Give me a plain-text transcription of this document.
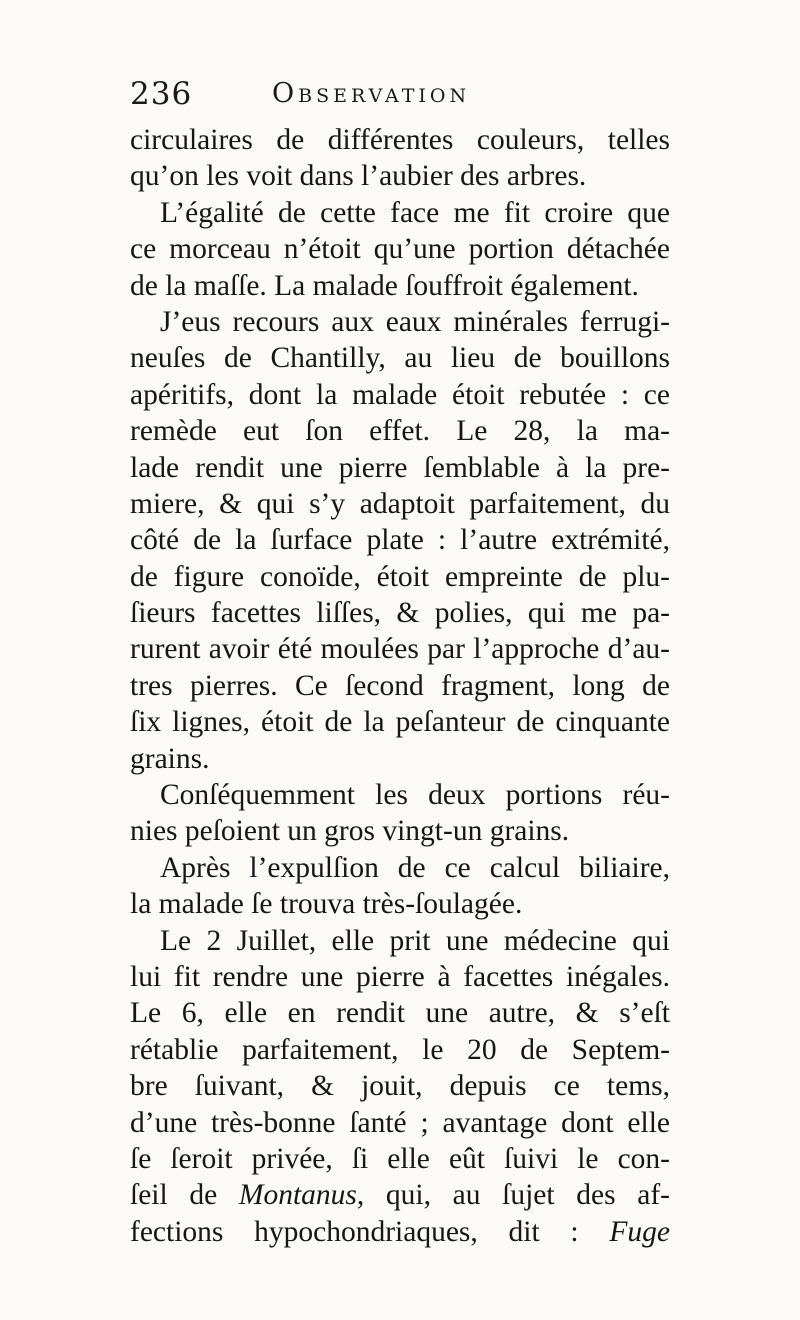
236	Observation
circulaires de différentes couleurs, telles
qu’on les voit dans l’aubier des arbres.
L’égalité de cette face me fit croire que
ce morceau n’étoit qu’une portion détachée
de la maſſe. La malade ſouffroit également.
J’eus recours aux eaux minérales ferrugi-
neuſes de Chantilly, au lieu de bouillons
apéritifs, dont la malade étoit rebutée : ce
remède eut ſon effet. Le 28, la ma-
lade rendit une pierre ſemblable à la pre-
miere, & qui s’y adaptoit parfaitement, du
côté de la ſurface plate : l’autre extrémité,
de figure conoïde, étoit empreinte de plu-
ſieurs facettes liſſes, & polies, qui me pa-
rurent avoir été moulées par l’approche d’au-
tres pierres. Ce ſecond fragment, long de
ſix lignes, étoit de la peſanteur de cinquante
grains.
Conſéquemment les deux portions réu-
nies peſoient un gros vingt-un grains.
Après l’expulſion de ce calcul biliaire,
la malade ſe trouva très-ſoulagée.
Le 2 Juillet, elle prit une médecine qui
lui fit rendre une pierre à facettes inégales.
Le 6, elle en rendit une autre, & s’eſt
rétablie parfaitement, le 20 de Septem-
bre ſuivant, & jouit, depuis ce tems,
d’une très-bonne ſanté ; avantage dont elle
ſe ſeroit privée, ſi elle eût ſuivi le con-
ſeil de Montanus, qui, au ſujet des af-
fections hypochondriaques, dit : Fuge
